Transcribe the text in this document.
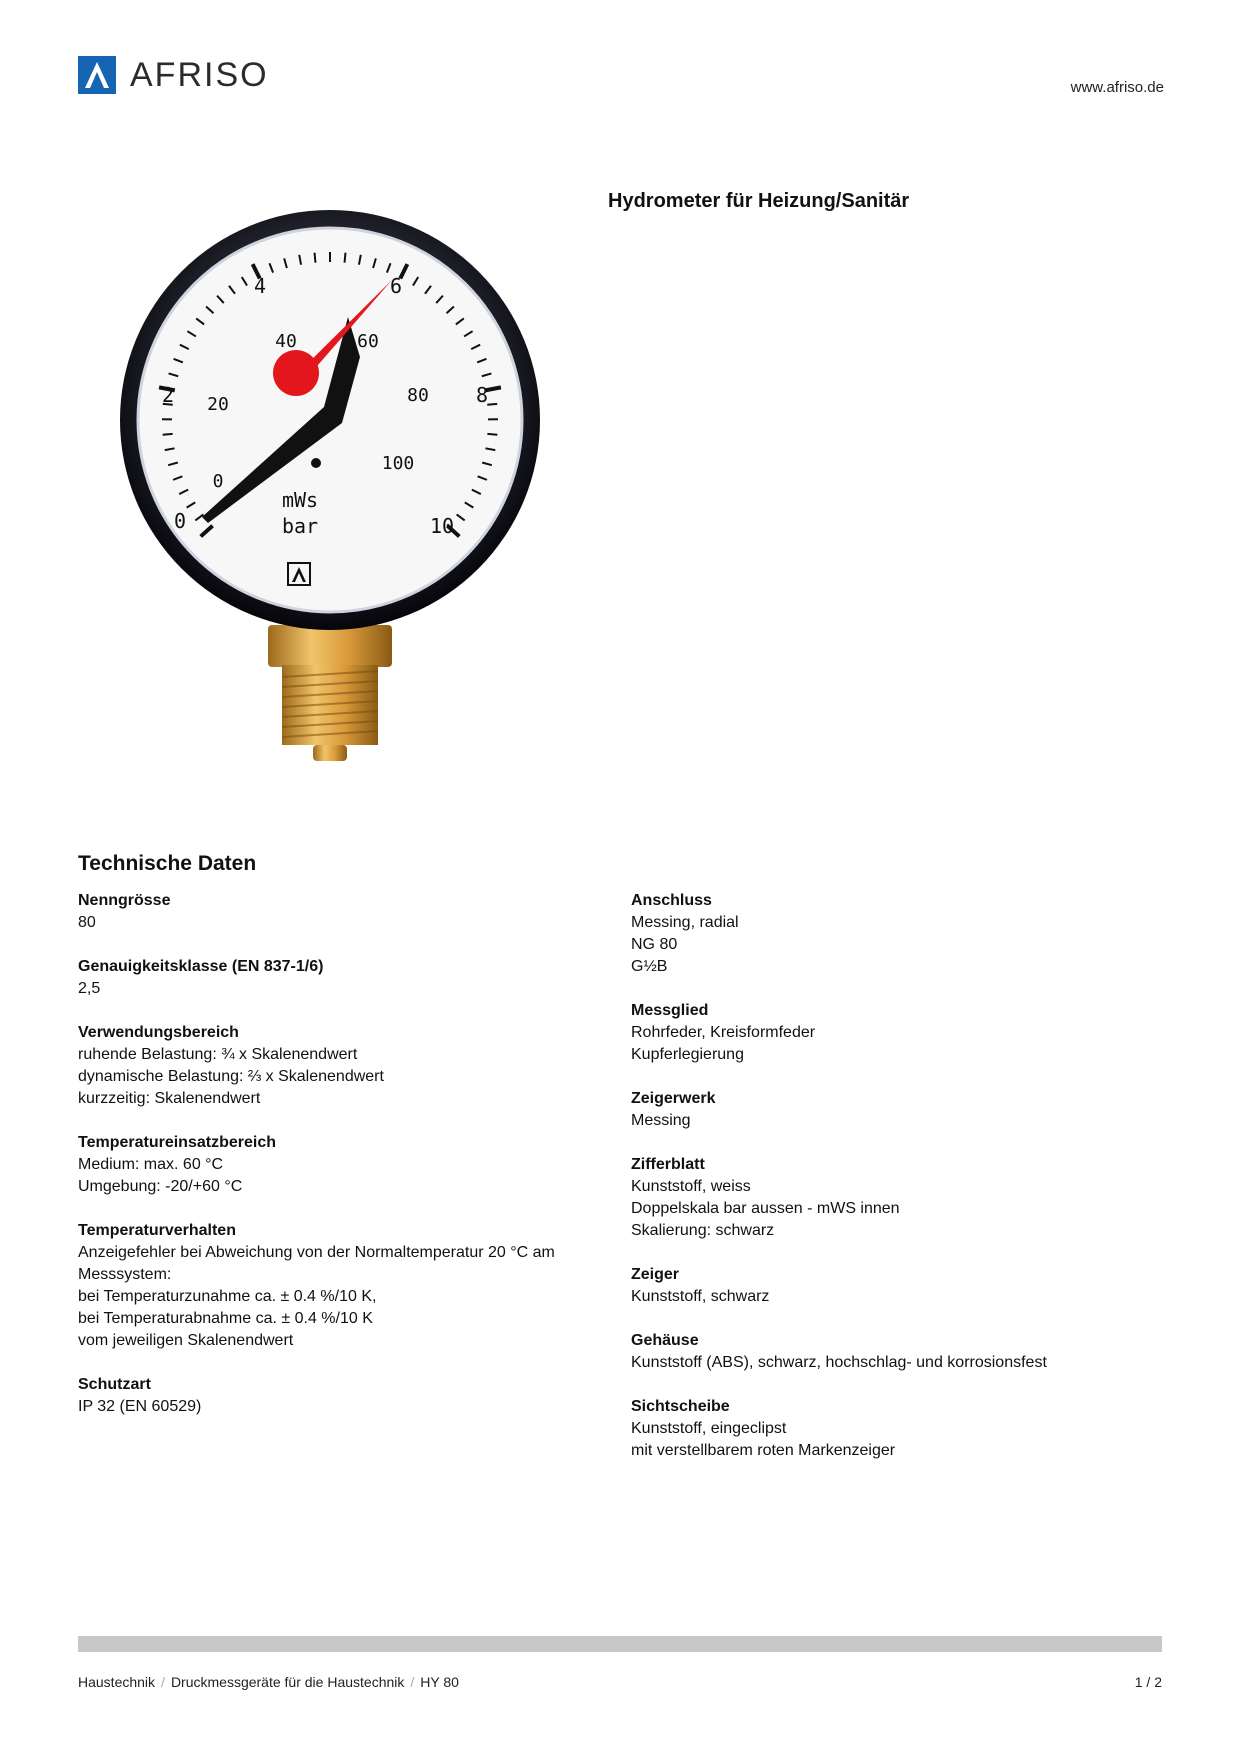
AFRISO	www.afriso.de
Hydrometer für Heizung/Sanitär
0
2
4	6
8
10
0
20
40	60
80
100
mWs
bar
Technische Daten
Nenngrösse
80
Genauigkeitsklasse (EN 837-1/6)
2,5
Verwendungsbereich
ruhende Belastung: ¾ x Skalenendwert
dynamische Belastung: ⅔ x Skalenendwert
kurzzeitig: Skalenendwert
Temperatureinsatzbereich
Medium: max. 60 °C
Umgebung: -20/+60 °C
Temperaturverhalten
Anzeigefehler bei Abweichung von der Normaltemperatur 20 °C am
Messsystem:
bei Temperaturzunahme ca. ± 0.4 %/10 K,
bei Temperaturabnahme ca. ± 0.4 %/10 K
vom jeweiligen Skalenendwert
Schutzart
IP 32 (EN 60529)
Anschluss
Messing, radial
NG 80
G½B
Messglied
Rohrfeder, Kreisformfeder
Kupferlegierung
Zeigerwerk
Messing
Zifferblatt
Kunststoff, weiss
Doppelskala bar aussen - mWS innen
Skalierung: schwarz
Zeiger
Kunststoff, schwarz
Gehäuse
Kunststoff (ABS), schwarz, hochschlag- und korrosionsfest
Sichtscheibe
Kunststoff, eingeclipst
mit verstellbarem roten Markenzeiger
Haustechnik / Druckmessgeräte für die Haustechnik / HY 80	1 / 2
